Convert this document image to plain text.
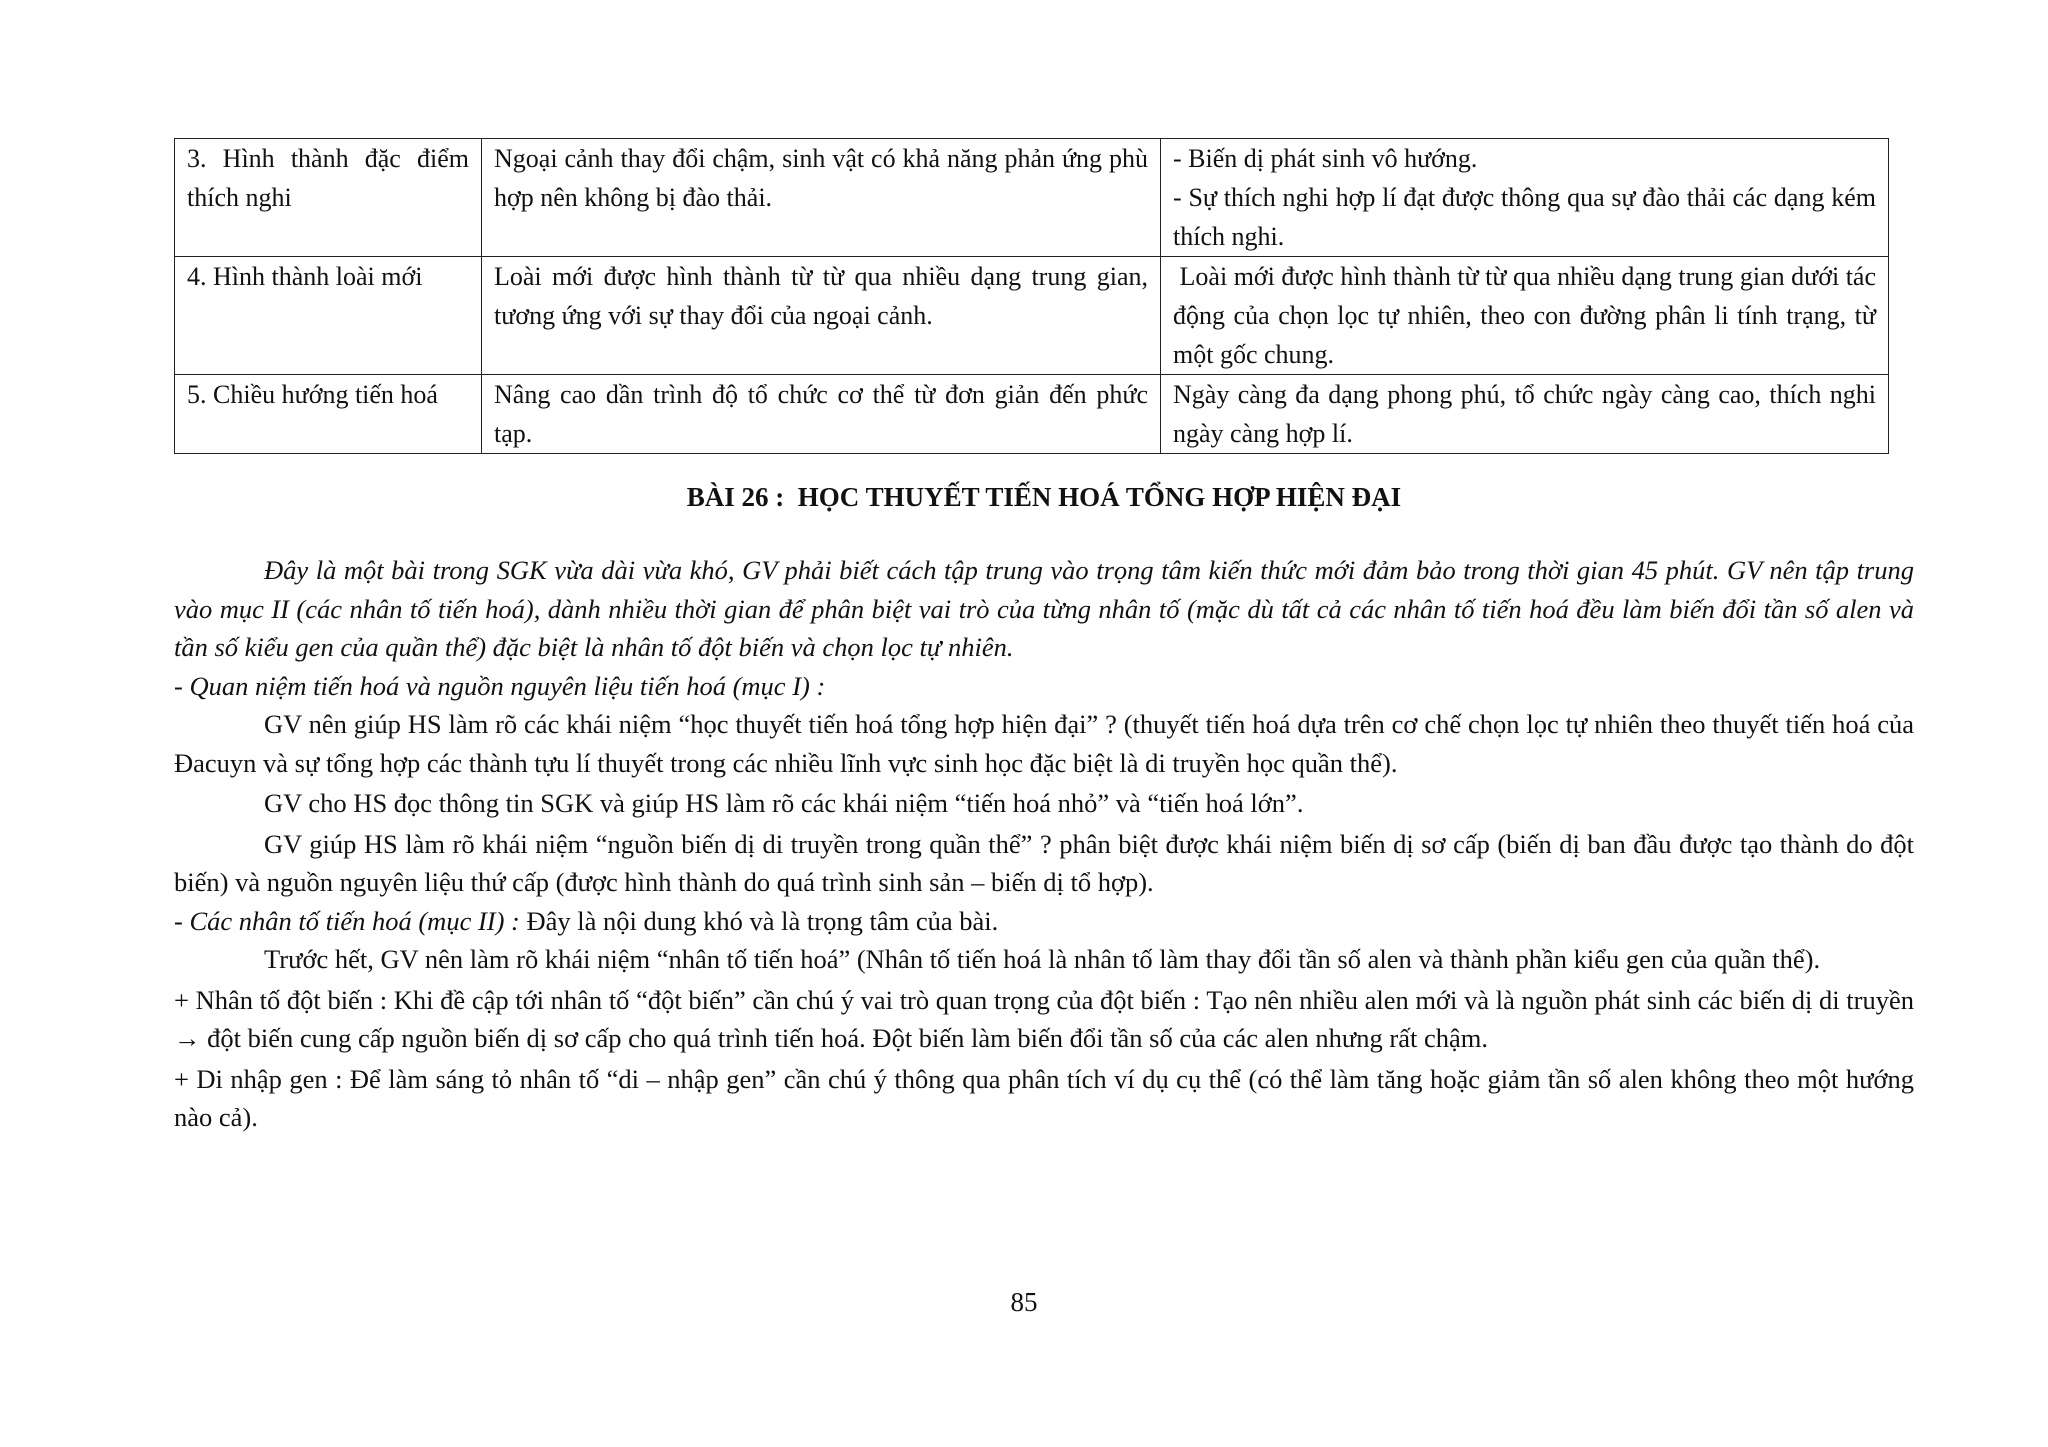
3. Hình thành đặc điểm thích nghi	Ngoại cảnh thay đổi chậm, sinh vật có khả năng phản ứng phù hợp nên không bị đào thải.	- Biến dị phát sinh vô hướng.
- Sự thích nghi hợp lí đạt được thông qua sự đào thải các dạng kém thích nghi.

4. Hình thành loài mới	Loài mới được hình thành từ từ qua nhiều dạng trung gian, tương ứng với sự thay đổi của ngoại cảnh.	Loài mới được hình thành từ từ qua nhiều dạng trung gian dưới tác động của chọn lọc tự nhiên, theo con đường phân li tính trạng, từ một gốc chung.
5. Chiều hướng tiến hoá	Nâng cao dần trình độ tổ chức cơ thể từ đơn giản đến phức tạp.	Ngày càng đa dạng phong phú, tổ chức ngày càng cao, thích nghi ngày càng hợp lí.
BÀI 26 :  HỌC THUYẾT TIẾN HOÁ TỔNG HỢP HIỆN ĐẠI

Đây là một bài trong SGK vừa dài vừa khó, GV phải biết cách tập trung vào trọng tâm kiến thức mới đảm bảo trong thời gian 45 phút. GV nên tập trung vào mục II (các nhân tố tiến hoá), dành nhiều thời gian để phân biệt vai trò của từng nhân tố (mặc dù tất cả các nhân tố tiến hoá đều làm biến đổi tần số alen và tần số kiểu gen của quần thể) đặc biệt là nhân tố đột biến và chọn lọc tự nhiên.

- Quan niệm tiến hoá và nguồn nguyên liệu tiến hoá (mục I) :

GV nên giúp HS làm rõ các khái niệm “học thuyết tiến hoá tổng hợp hiện đại” ? (thuyết tiến hoá dựa trên cơ chế chọn lọc tự nhiên theo thuyết tiến hoá của Đacuyn và sự tổng hợp các thành tựu lí thuyết trong các nhiều lĩnh vực sinh học đặc biệt là di truyền học quần thể).

GV cho HS đọc thông tin SGK và giúp HS làm rõ các khái niệm “tiến hoá nhỏ” và “tiến hoá lớn”.

GV giúp HS làm rõ khái niệm “nguồn biến dị di truyền trong quần thể” ? phân biệt được khái niệm biến dị sơ cấp (biến dị ban đầu được tạo thành do đột biến) và nguồn nguyên liệu thứ cấp (được hình thành do quá trình sinh sản – biến dị tổ hợp).

- Các nhân tố tiến hoá (mục II) : Đây là nội dung khó và là trọng tâm của bài.

Trước hết, GV nên làm rõ khái niệm “nhân tố tiến hoá” (Nhân tố tiến hoá là nhân tố làm thay đổi tần số alen và thành phần kiểu gen của quần thể).

+ Nhân tố đột biến : Khi đề cập tới nhân tố “đột biến” cần chú ý vai trò quan trọng của đột biến : Tạo nên nhiều alen mới và là nguồn phát sinh các biến dị di truyền → đột biến cung cấp nguồn biến dị sơ cấp cho quá trình tiến hoá. Đột biến làm biến đổi tần số của các alen nhưng rất chậm.

+ Di nhập gen : Để làm sáng tỏ nhân tố “di – nhập gen” cần chú ý thông qua phân tích ví dụ cụ thể (có thể làm tăng hoặc giảm tần số alen không theo một hướng nào cả).

85
